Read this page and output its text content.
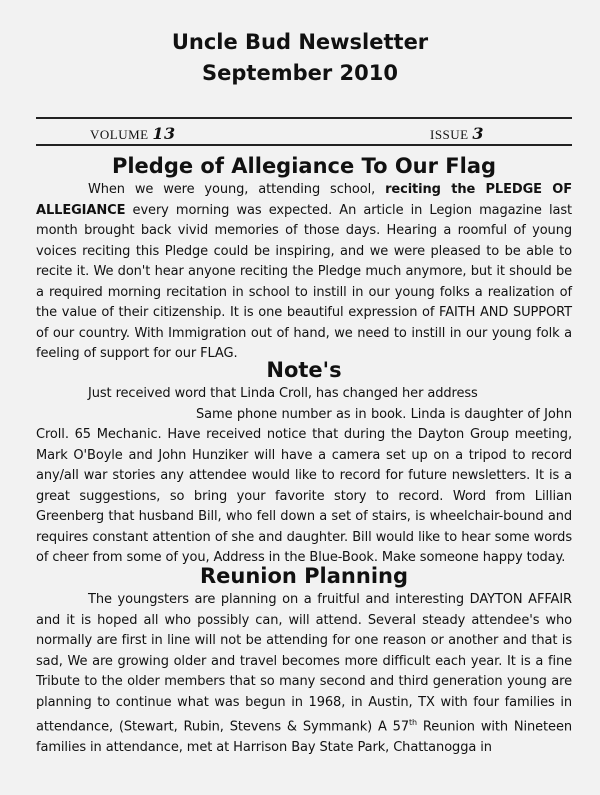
Uncle Bud Newsletter
September 2010
VOLUME 13	ISSUE 3
Pledge of Allegiance To Our Flag

When we were young, attending school, reciting the PLEDGE OF ALLEGIANCE every morning was expected. An article in Legion magazine last month brought back vivid memories of those days. Hearing a roomful of young voices reciting this Pledge could be inspiring, and we were pleased to be able to recite it. We don't hear anyone reciting the Pledge much anymore, but it should be a required morning recitation in school to instill in our young folks a realization of the value of their citizenship. It is one beautiful expression of FAITH AND SUPPORT of our country. With Immigration out of hand, we need to instill in our young folk a feeling of support for our FLAG.

Note's

Just received word that Linda Croll, has changed her address

Same phone number as in book. Linda is daughter of John Croll. 65 Mechanic. Have received notice that during the Dayton Group meeting, Mark O'Boyle and John Hunziker will have a camera set up on a tripod to record any/all war stories any attendee would like to record for future newsletters. It is a great suggestions, so bring your favorite story to record. Word from Lillian Greenberg that husband Bill, who fell down a set of stairs, is wheelchair-bound and requires constant attention of she and daughter. Bill would like to hear some words of cheer from some of you, Address in the Blue-Book. Make someone happy today.

Reunion Planning

The youngsters are planning on a fruitful and interesting DAYTON AFFAIR and it is hoped all who possibly can, will attend. Several steady attendee's who normally are first in line will not be attending for one reason or another and that is sad, We are growing older and travel becomes more difficult each year. It is a fine Tribute to the older members that so many second and third generation young are planning to continue what was begun in 1968, in Austin, TX with four families in attendance, (Stewart, Rubin, Stevens & Symmank) A 57th Reunion with Nineteen families in attendance, met at Harrison Bay State Park, Chattanogga in
